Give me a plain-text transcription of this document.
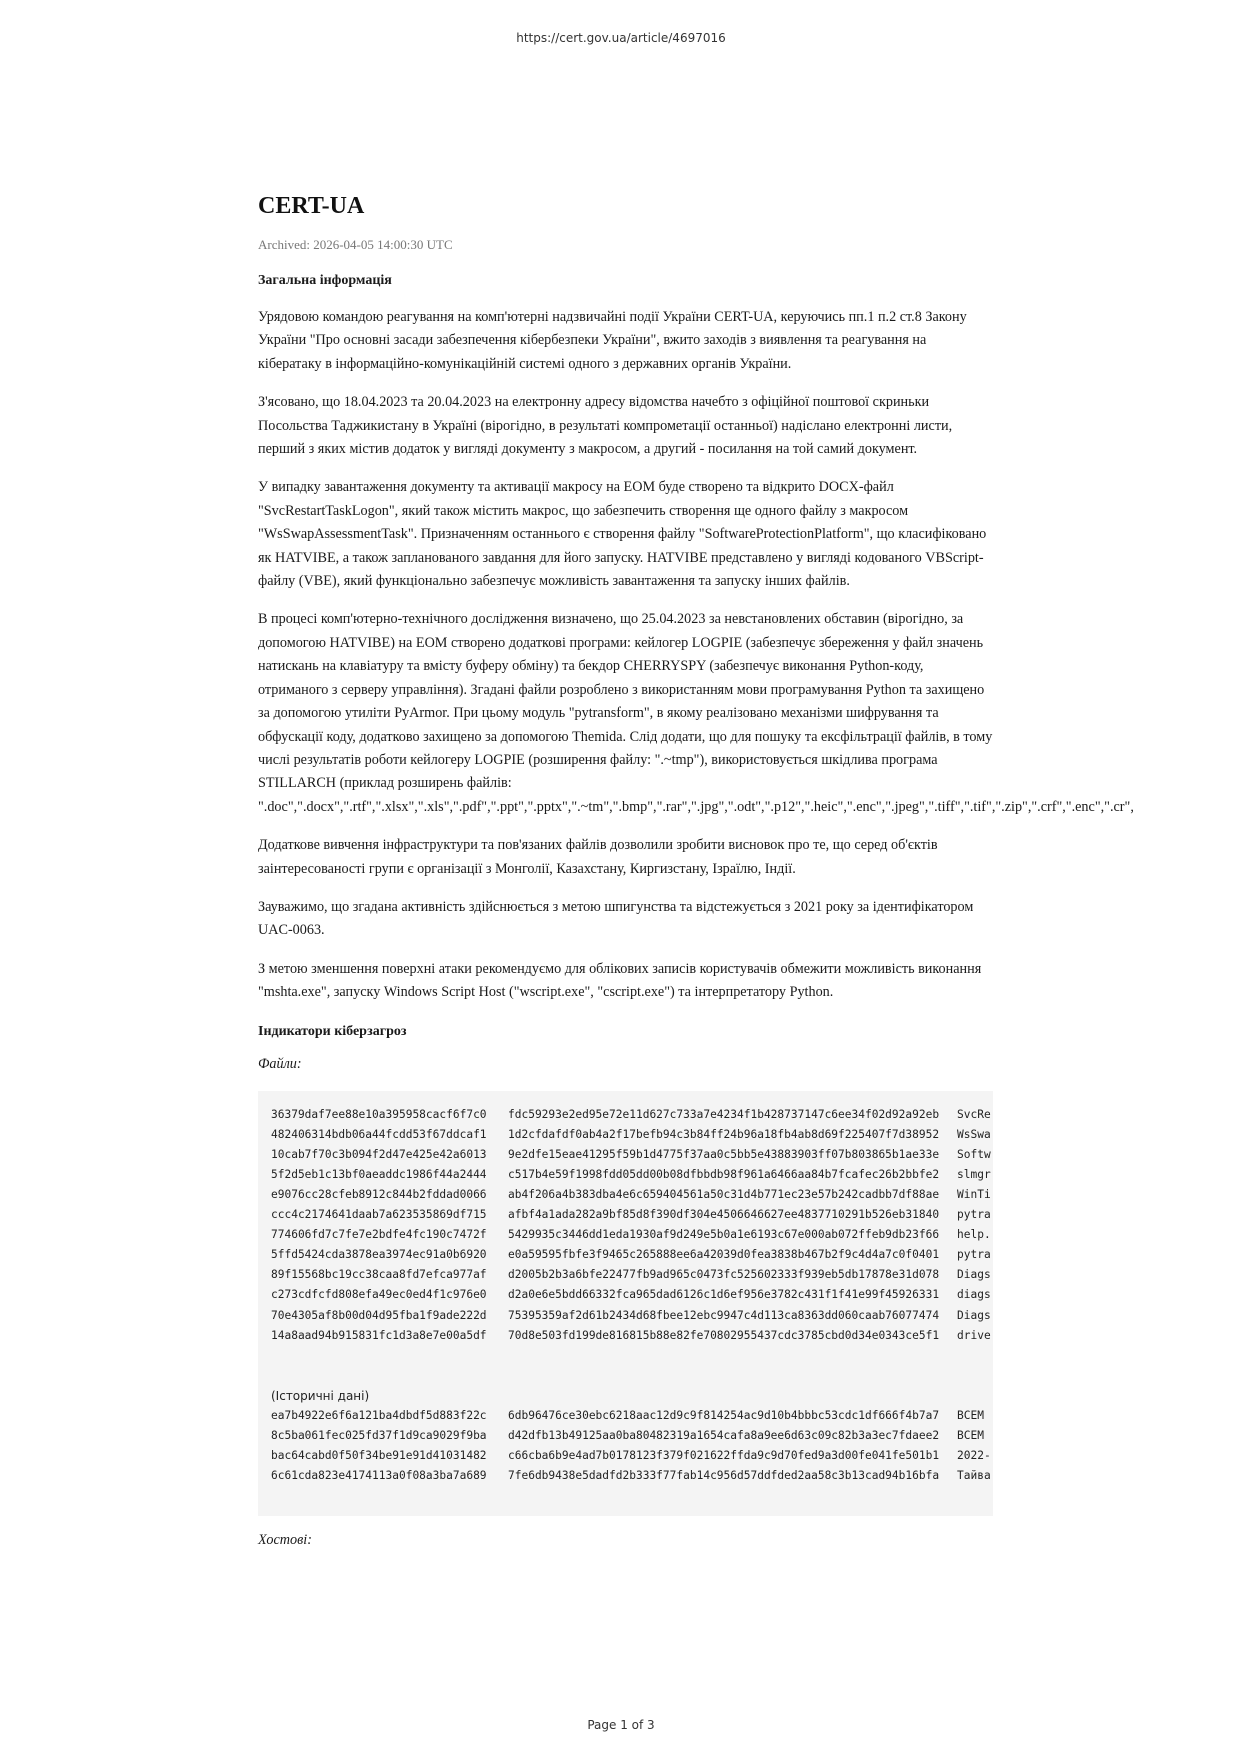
https://cert.gov.ua/article/4697016
CERT-UA
Archived: 2026-04-05 14:00:30 UTC
Загальна інформація

Урядовою командою реагування на комп'ютерні надзвичайні події України CERT-UA, керуючись пп.1 п.2 ст.8 Закону України "Про основні засади забезпечення кібербезпеки України", вжито заходів з виявлення та реагування на кібератаку в інформаційно-комунікаційній системі одного з державних органів України.

З'ясовано, що 18.04.2023 та 20.04.2023 на електронну адресу відомства начебто з офіційної поштової скриньки Посольства Таджикистану в Україні (вірогідно, в результаті компрометації останньої) надіслано електронні листи, перший з яких містив додаток у вигляді документу з макросом, а другий - посилання на той самий документ.

У випадку завантаження документу та активації макросу на ЕОМ буде створено та відкрито DOCX-файл "SvcRestartTaskLogon", який також містить макрос, що забезпечить створення ще одного файлу з макросом "WsSwapAssessmentTask". Призначенням останнього є створення файлу "SoftwareProtectionPlatform", що класифіковано як HATVIBE, а також запланованого завдання для його запуску. HATVIBE представлено у вигляді кодованого VBScript-файлу (VBE), який функціонально забезпечує можливість завантаження та запуску інших файлів.

В процесі комп'ютерно-технічного дослідження визначено, що 25.04.2023 за невстановлених обставин (вірогідно, за допомогою HATVIBE) на ЕОМ створено додаткові програми: кейлогер LOGPIE (забезпечує збереження у файл значень натискань на клавіатуру та вмісту буферу обміну) та бекдор CHERRYSPY (забезпечує виконання Python-коду, отриманого з серверу управління). Згадані файли розроблено з використанням мови програмування Python та захищено за допомогою утиліти PyArmor. При цьому модуль "pytransform", в якому реалізовано механізми шифрування та обфускації коду, додатково захищено за допомогою Themida. Слід додати, що для пошуку та ексфільтрації файлів, в тому числі результатів роботи кейлогеру LOGPIE (розширення файлу: ".~tmp"), використовується шкідлива програма STILLARCH (приклад розширень файлів:
".doc",".docx",".rtf",".xlsx",".xls",".pdf",".ppt",".pptx",".~tm",".bmp",".rar",".jpg",".odt",".p12",".heic",".enc",".jpeg",".tiff",".tif",".zip",".crf",".enc",".cr",

Додаткове вивчення інфраструктури та пов'язаних файлів дозволили зробити висновок про те, що серед об'єктів заінтересованості групи є організації з Монголії, Казахстану, Киргизстану, Ізраїлю, Індії.

Зауважимо, що згадана активність здійснюється з метою шпигунства та відстежується з 2021 року за ідентифікатором UAC-0063.

З метою зменшення поверхні атаки рекомендуємо для облікових записів користувачів обмежити можливість виконання "mshta.exe", запуску Windows Script Host ("wscript.exe", "cscript.exe") та інтерпретатору Python.

Індикатори кіберзагроз

Файли:

36379daf7ee88e10a395958cacf6f7c0	fdc59293e2ed95e72e11d627c733a7e4234f1b428737147c6ee34f02d92a92eb	SvcRe
482406314bdb06a44fcdd53f67ddcaf1	1d2cfdafdf0ab4a2f17befb94c3b84ff24b96a18fb4ab8d69f225407f7d38952	WsSwa
10cab7f70c3b094f2d47e425e42a6013	9e2dfe15eae41295f59b1d4775f37aa0c5bb5e43883903ff07b803865b1ae33e	Softw
5f2d5eb1c13bf0aeaddc1986f44a2444	c517b4e59f1998fdd05dd00b08dfbbdb98f961a6466aa84b7fcafec26b2bbfe2	slmgr
e9076cc28cfeb8912c844b2fddad0066	ab4f206a4b383dba4e6c659404561a50c31d4b771ec23e57b242cadbb7df88ae	WinTi
ccc4c2174641daab7a623535869df715	afbf4a1ada282a9bf85d8f390df304e4506646627ee4837710291b526eb31840	pytra
774606fd7c7fe7e2bdfe4fc190c7472f	5429935c3446dd1eda1930af9d249e5b0a1e6193c67e000ab072ffeb9db23f66	help.
5ffd5424cda3878ea3974ec91a0b6920	e0a59595fbfe3f9465c265888ee6a42039d0fea3838b467b2f9c4d4a7c0f0401	pytra
89f15568bc19cc38caa8fd7efca977af	d2005b2b3a6bfe22477fb9ad965c0473fc525602333f939eb5db17878e31d078	Diags
c273cdfcfd808efa49ec0ed4f1c976e0	d2a0e6e5bdd66332fca965dad6126c1d6ef956e3782c431f1f41e99f45926331	diags
70e4305af8b00d04d95fba1f9ade222d	75395359af2d61b2434d68fbee12ebc9947c4d113ca8363dd060caab76077474	Diags
14a8aad94b915831fc1d3a8e7e00a5df	70d8e503fd199de816815b88e82fe70802955437cdc3785cbd0d34e0343ce5f1	drive
(Історичні дані)
ea7b4922e6f6a121ba4dbdf5d883f22c	6db96476ce30ebc6218aac12d9c9f814254ac9d10b4bbbc53cdc1df666f4b7a7	ВСЕМ
8c5ba061fec025fd37f1d9ca9029f9ba	d42dfb13b49125aa0ba80482319a1654cafa8a9ee6d63c09c82b3a3ec7fdaee2	ВСЕМ
bac64cabd0f50f34be91e91d41031482	c66cba6b9e4ad7b0178123f379f021622ffda9c9d70fed9a3d00fe041fe501b1	2022-
6c61cda823e4174113a0f08a3ba7a689	7fe6db9438e5dadfd2b333f77fab14c956d57ddfded2aa58c3b13cad94b16bfa	Тайва

Хостові:

Page 1 of 3
